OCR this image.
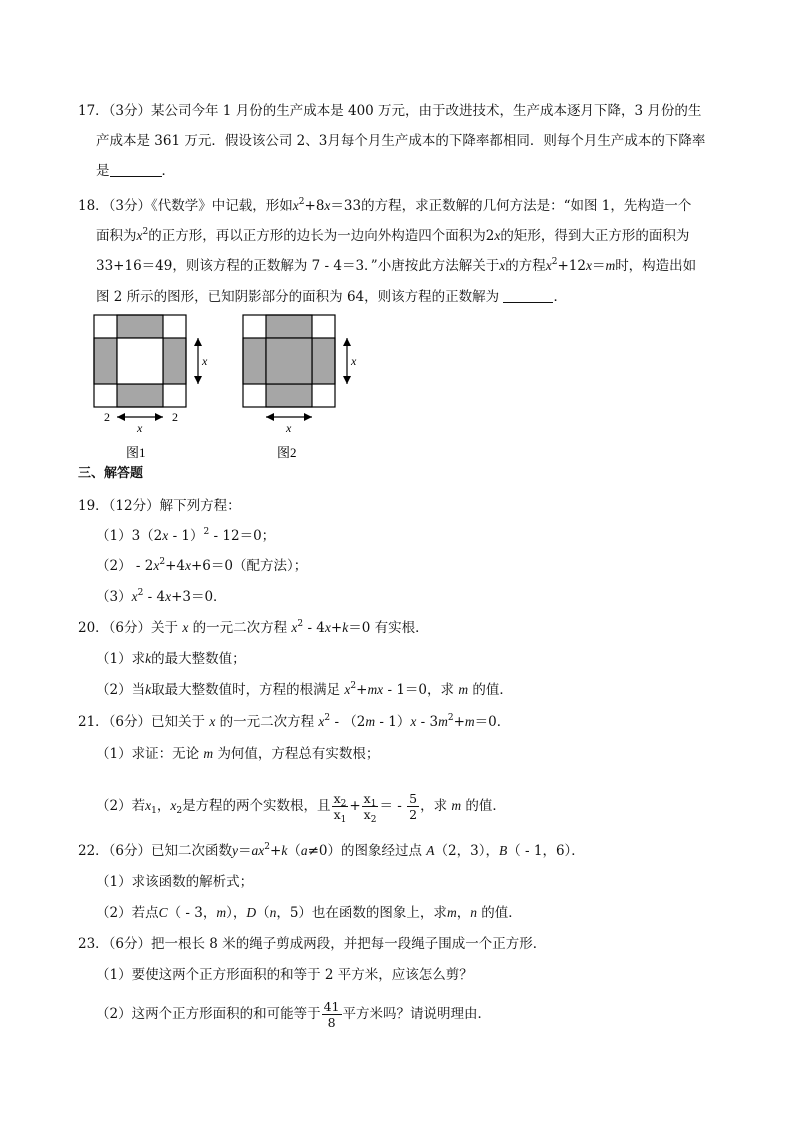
17．（3分）某公司今年 1 月份的生产成本是 400 万元，由于改进技术，生产成本逐月下降，3 月份的生
产成本是 361 万元．假设该公司 2、3月每个月生产成本的下降率都相同．则每个月生产成本的下降率
是	．
18．（3分）《代数学》中记载，形如$x^2+8x=33$的方程，求正数解的几何方法是：“如图 1，先构造一个
面积为$x^2$的正方形，再以正方形的边长为一边向外构造四个面积为2x的矩形，得到大正方形的面积为
33+16＝49，则该方程的正数解为 7 - 4＝3．”小唐按此方法解关于x的方程$x^2+12x=m$时，构造出如
图 2 所示的图形，已知阴影部分的面积为 64，则该方程的正数解为	．
x
x
2	2
图1
x
x
图2
三、解答题
19．（12分）解下列方程：
（1）3（2x - 1）$^2$ - 12＝0；
$(2) - 2x^2+4x+6=0$（配方法）；
$(3)x^2 - 4x+3=0$．
20．（6分）关于 x 的一元二次方程 $x^2 - 4x+k=0$ 有实根．
（1）求k的最大整数值；
（2）当k取最大整数值时，方程的根满足 $x^2+mx - 1=0$，求 m 的值．
21．（6分）已知关于 x 的一元二次方程 $x^2 - (2m - 1)x - 3m^2+m=0$．
（1）求证：无论 m 为何值，方程总有实数根；
（2）若$x_1$，$x_2$是方程的两个实数根，且 $\frac{x_2}{x_1} + \frac{x_1}{x_2}$ ＝ - $\frac{5}{2}$ ，求 m 的值．
22．（6分）已知二次函数$y=ax^2+k(a\ne 0)$的图象经过点 A（2，3），B（ - 1，6）．
（1）求该函数的解析式；
（2）若点C（ - 3，m），D（n，5）也在函数的图象上，求m，n 的值．
23．（6分）把一根长 8 米的绳子剪成两段，并把每一段绳子围成一个正方形．
（1）要使这两个正方形面积的和等于 2 平方米，应该怎么剪？
（2）这两个正方形面积的和可能等于 $\frac{41}{8}$ 平方米吗？请说明理由．
